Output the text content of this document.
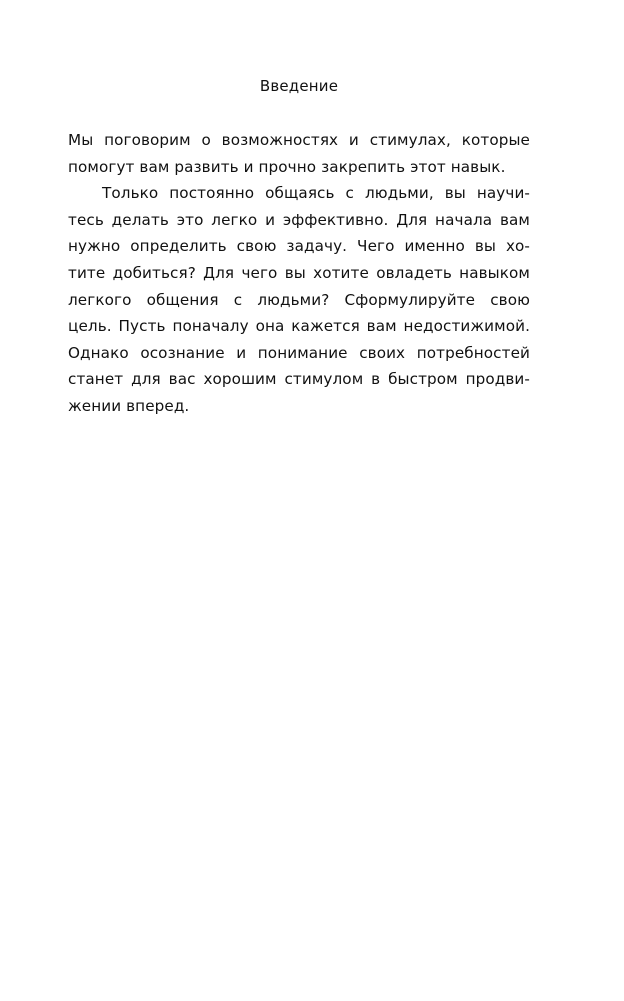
Введение
Мы поговорим о возможностях и стимулах, которые
помогут вам развить и прочно закрепить этот навык.
Только постоянно общаясь с людьми, вы научи-
тесь делать это легко и эффективно. Для начала вам
нужно определить свою задачу. Чего именно вы хо-
тите добиться? Для чего вы хотите овладеть навыком
легкого общения с людьми? Сформулируйте свою
цель. Пусть поначалу она кажется вам недостижимой.
Однако осознание и понимание своих потребностей
станет для вас хорошим стимулом в быстром продви-
жении вперед.
